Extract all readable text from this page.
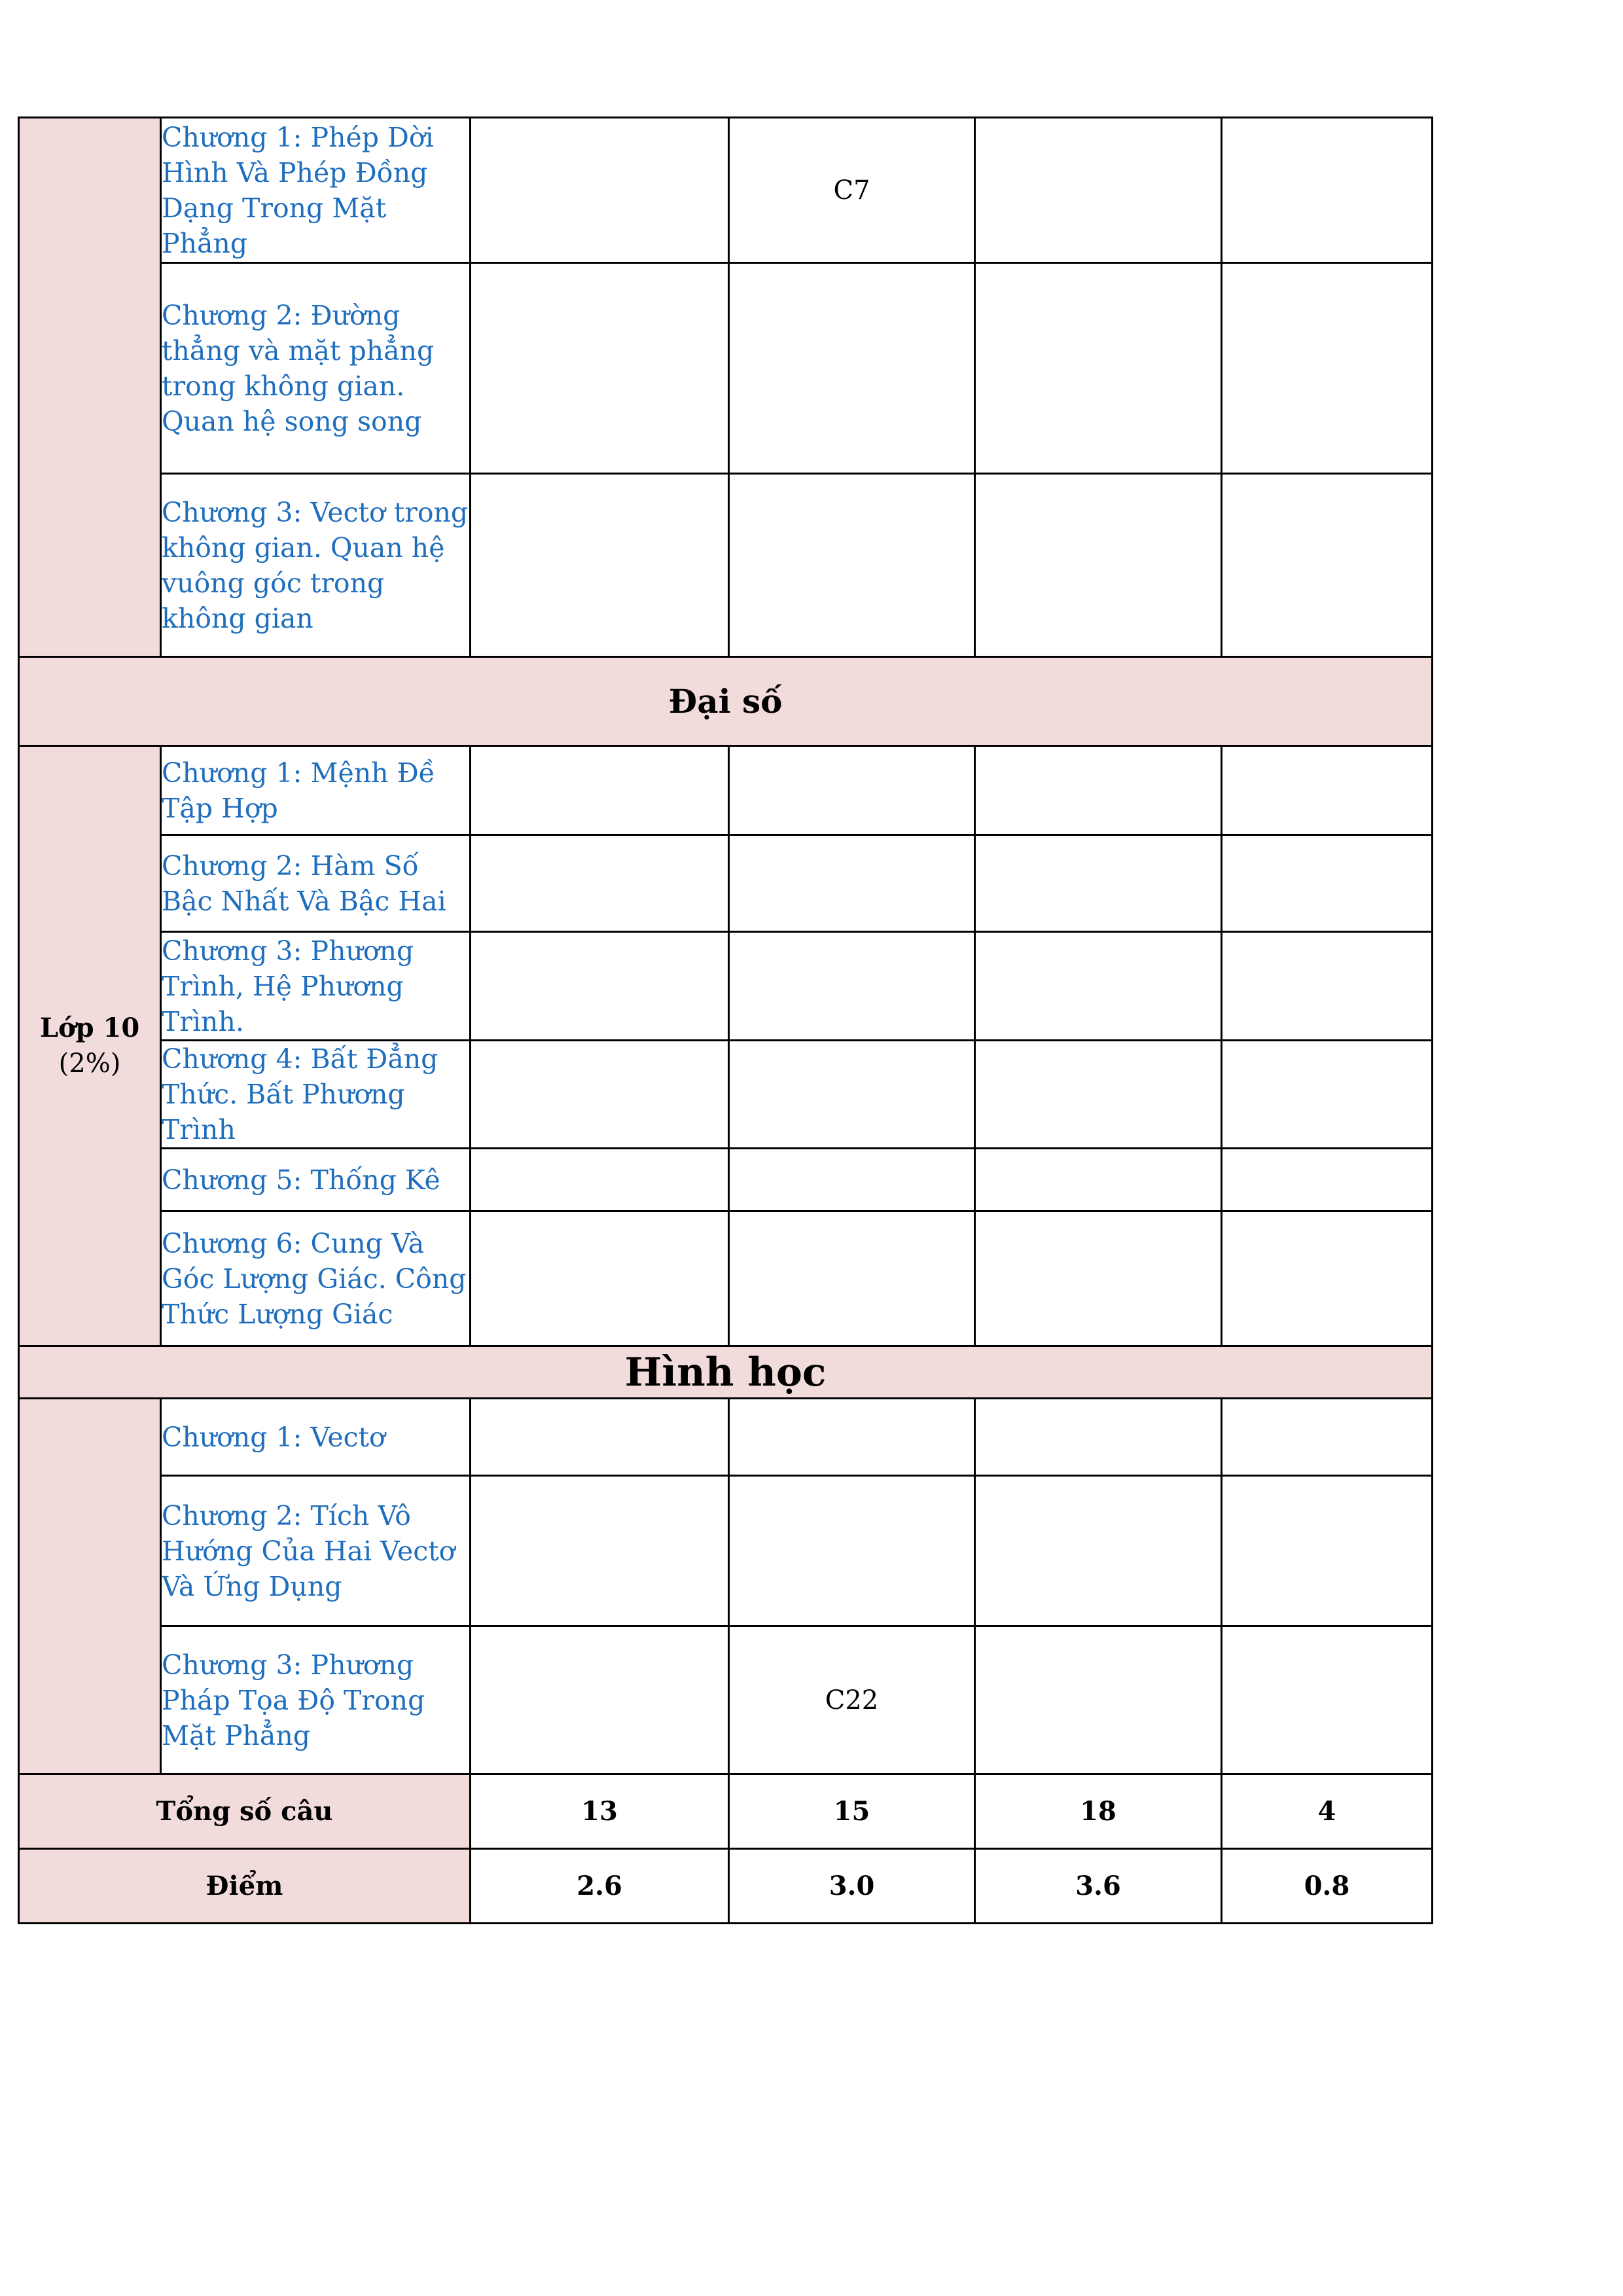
	Chương 1: Phép Dời Hình Và Phép Đồng Dạng Trong Mặt Phẳng		C7		
	Chương 2: Đường thẳng và mặt phẳng trong không gian. Quan hệ song song				
	Chương 3: Vectơ trong không gian. Quan hệ vuông góc trong không gian				
Đại số					
Lớp 10
(2%)	Chương 1: Mệnh Đề Tập Hợp				
	Chương 2: Hàm Số Bậc Nhất Và Bậc Hai				
	Chương 3: Phương Trình, Hệ Phương Trình.				
	Chương 4: Bất Đẳng Thức. Bất Phương Trình				
	Chương 5: Thống Kê				
	Chương 6: Cung Và Góc Lượng Giác. Công Thức Lượng Giác				
Hình học					
	Chương 1: Vectơ				
	Chương 2: Tích Vô Hướng Của Hai Vectơ Và Ứng Dụng				
	Chương 3: Phương Pháp Tọa Độ Trong Mặt Phẳng		C22		
Tổng số câu		13	15	18	4
Điểm		2.6	3.0	3.6	0.8
